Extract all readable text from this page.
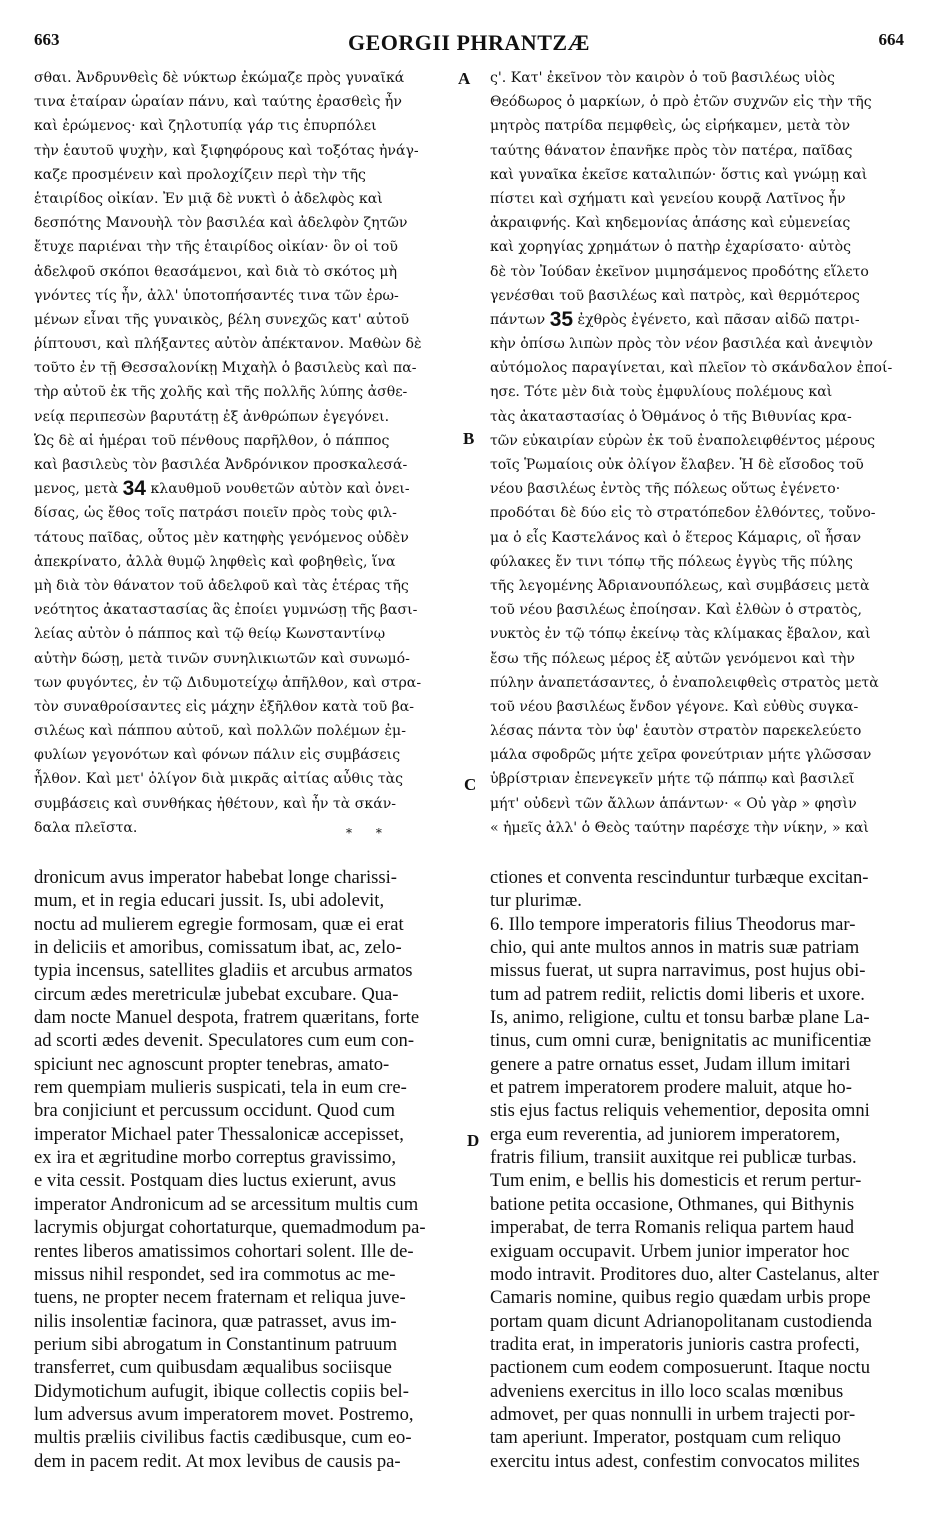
663	GEORGII PHRANTZÆ	664
σθαι. Ἀνδρυνθεὶς δὲ νύκτωρ ἐκώμαζε πρὸς γυναῖκά
τινα ἑταίραν ὡραίαν πάνυ, καὶ ταύτης ἐρασθεὶς ἦν
καὶ ἐρώμενος· καὶ ζηλοτυπίᾳ γάρ τις ἐπυρπόλει
τὴν ἑαυτοῦ ψυχὴν, καὶ ξιφηφόρους καὶ τοξότας ἠνάγ-
καζε προσμένειν καὶ προλοχίζειν περὶ τὴν τῆς
ἑταιρίδος οἰκίαν. Ἐν μιᾷ δὲ νυκτὶ ὁ ἀδελφὸς καὶ
δεσπότης Μανουὴλ τὸν βασιλέα καὶ ἀδελφὸν ζητῶν
ἔτυχε παριέναι τὴν τῆς ἑταιρίδος οἰκίαν· ὃν οἱ τοῦ
ἀδελφοῦ σκόποι θεασάμενοι, καὶ διὰ τὸ σκότος μὴ
γνόντες τίς ἦν, ἀλλ' ὑποτοπήσαντές τινα τῶν ἐρω-
μένων εἶναι τῆς γυναικὸς, βέλη συνεχῶς κατ' αὐτοῦ
ῥίπτουσι, καὶ πλήξαντες αὐτὸν ἀπέκτανον. Μαθὼν δὲ
τοῦτο ἐν τῇ Θεσσαλονίκῃ Μιχαὴλ ὁ βασιλεὺς καὶ πα-
τὴρ αὐτοῦ ἐκ τῆς χολῆς καὶ τῆς πολλῆς λύπης ἀσθε-
νείᾳ περιπεσὼν βαρυτάτῃ ἐξ ἀνθρώπων ἐγεγόνει.
Ὡς δὲ αἱ ἡμέραι τοῦ πένθους παρῆλθον, ὁ πάππος
καὶ βασιλεὺς τὸν βασιλέα Ἀνδρόνικον προσκαλεσά-
μενος, μετὰ 34 κλαυθμοῦ νουθετῶν αὐτὸν καὶ ὀνει-
δίσας, ὡς ἔθος τοῖς πατράσι ποιεῖν πρὸς τοὺς φιλ-
τάτους παῖδας, οὗτος μὲν κατηφὴς γενόμενος οὐδὲν
ἀπεκρίνατο, ἀλλὰ θυμῷ ληφθεὶς καὶ φοβηθεὶς, ἵνα
μὴ διὰ τὸν θάνατον τοῦ ἀδελφοῦ καὶ τὰς ἑτέρας τῆς
νεότητος ἀκαταστασίας ἃς ἐποίει γυμνώσῃ τῆς βασι-
λείας αὐτὸν ὁ πάππος καὶ τῷ θείῳ Κωνσταντίνῳ
αὐτὴν δώσῃ, μετὰ τινῶν συνηλικιωτῶν καὶ συνωμό-
των φυγόντες, ἐν τῷ Διδυμοτείχῳ ἀπῆλθον, καὶ στρα-
τὸν συναθροίσαντες εἰς μάχην ἐξῆλθον κατὰ τοῦ βα-
σιλέως καὶ πάππου αὐτοῦ, καὶ πολλῶν πολέμων ἐμ-
φυλίων γεγονότων καὶ φόνων πάλιν εἰς συμβάσεις
ἦλθον. Καὶ μετ' ὀλίγον διὰ μικρᾶς αἰτίας αὖθις τὰς
συμβάσεις καὶ συνθήκας ἠθέτουν, καὶ ἦν τὰ σκάν-
δαλα πλεῖστα.
ς'. Κατ' ἐκεῖνον τὸν καιρὸν ὁ τοῦ βασιλέως υἱὸς
Θεόδωρος ὁ μαρκίων, ὁ πρὸ ἐτῶν συχνῶν εἰς τὴν τῆς
μητρὸς πατρίδα πεμφθεὶς, ὡς εἰρήκαμεν, μετὰ τὸν
ταύτης θάνατον ἐπανῆκε πρὸς τὸν πατέρα, παῖδας
καὶ γυναῖκα ἐκεῖσε καταλιπών· ὅστις καὶ γνώμῃ καὶ
πίστει καὶ σχήματι καὶ γενείου κουρᾷ Λατῖνος ἦν
ἀκραιφνής. Καὶ κηδεμονίας ἁπάσης καὶ εὐμενείας
καὶ χορηγίας χρημάτων ὁ πατὴρ ἐχαρίσατο· αὐτὸς
δὲ τὸν Ἰούδαν ἐκεῖνον μιμησάμενος προδότης εἵλετο
γενέσθαι τοῦ βασιλέως καὶ πατρὸς, καὶ θερμότερος
πάντων 35 ἐχθρὸς ἐγένετο, καὶ πᾶσαν αἰδῶ πατρι-
κὴν ὀπίσω λιπὼν πρὸς τὸν νέον βασιλέα καὶ ἀνεψιὸν
αὐτόμολος παραγίνεται, καὶ πλεῖον τὸ σκάνδαλον ἐποί-
ησε. Τότε μὲν διὰ τοὺς ἐμφυλίους πολέμους καὶ
τὰς ἀκαταστασίας ὁ Ὀθμάνος ὁ τῆς Βιθυνίας κρα-
τῶν εὐκαιρίαν εὑρὼν ἐκ τοῦ ἐναπολειφθέντος μέρους
τοῖς Ῥωμαίοις οὐκ ὀλίγον ἔλαβεν. Ἡ δὲ εἴσοδος τοῦ
νέου βασιλέως ἐντὸς τῆς πόλεως οὕτως ἐγένετο·
προδόται δὲ δύο εἰς τὸ στρατόπεδον ἐλθόντες, τοὔνο-
μα ὁ εἷς Καστελάνος καὶ ὁ ἕτερος Κάμαρις, οἳ ἦσαν
φύλακες ἔν τινι τόπῳ τῆς πόλεως ἐγγὺς τῆς πύλης
τῆς λεγομένης Ἀδριανουπόλεως, καὶ συμβάσεις μετὰ
τοῦ νέου βασιλέως ἐποίησαν. Καὶ ἐλθὼν ὁ στρατὸς,
νυκτὸς ἐν τῷ τόπῳ ἐκείνῳ τὰς κλίμακας ἔβαλον, καὶ
ἔσω τῆς πόλεως μέρος ἐξ αὐτῶν γενόμενοι καὶ τὴν
πύλην ἀναπετάσαντες, ὁ ἐναπολειφθεὶς στρατὸς μετὰ
τοῦ νέου βασιλέως ἔνδον γέγονε. Καὶ εὐθὺς συγκα-
λέσας πάντα τὸν ὑφ' ἑαυτὸν στρατὸν παρεκελεύετο
μάλα σφοδρῶς μήτε χεῖρα φονεύτριαν μήτε γλῶσσαν
ὑβρίστριαν ἐπενεγκεῖν μήτε τῷ πάππῳ καὶ βασιλεῖ
μήτ' οὐδενὶ τῶν ἄλλων ἁπάντων· « Οὐ γὰρ » φησὶν
« ἡμεῖς ἀλλ' ὁ Θεὸς ταύτην παρέσχε τὴν νίκην, » καὶ
A
B
C
D
* *
dronicum avus imperator habebat longe charissi-
mum, et in regia educari jussit. Is, ubi adolevit,
noctu ad mulierem egregie formosam, quæ ei erat
in deliciis et amoribus, comissatum ibat, ac, zelo-
typia incensus, satellites gladiis et arcubus armatos
circum ædes meretriculæ jubebat excubare. Qua-
dam nocte Manuel despota, fratrem quæritans, forte
ad scorti ædes devenit. Speculatores cum eum con-
spiciunt nec agnoscunt propter tenebras, amato-
rem quempiam mulieris suspicati, tela in eum cre-
bra conjiciunt et percussum occidunt. Quod cum
imperator Michael pater Thessalonicæ accepisset,
ex ira et ægritudine morbo correptus gravissimo,
e vita cessit. Postquam dies luctus exierunt, avus
imperator Andronicum ad se arcessitum multis cum
lacrymis objurgat cohortaturque, quemadmodum pa-
rentes liberos amatissimos cohortari solent. Ille de-
missus nihil respondet, sed ira commotus ac me-
tuens, ne propter necem fraternam et reliqua juve-
nilis insolentiæ facinora, quæ patrasset, avus im-
perium sibi abrogatum in Constantinum patruum
transferret, cum quibusdam æqualibus sociisque
Didymotichum aufugit, ibique collectis copiis bel-
lum adversus avum imperatorem movet. Postremo,
multis præliis civilibus factis cædibusque, cum eo-
dem in pacem redit. At mox levibus de causis pa-
ctiones et conventa rescinduntur turbæque excitan-
tur plurimæ.
6. Illo tempore imperatoris filius Theodorus mar-
chio, qui ante multos annos in matris suæ patriam
missus fuerat, ut supra narravimus, post hujus obi-
tum ad patrem rediit, relictis domi liberis et uxore.
Is, animo, religione, cultu et tonsu barbæ plane La-
tinus, cum omni curæ, benignitatis ac munificentiæ
genere a patre ornatus esset, Judam illum imitari
et patrem imperatorem prodere maluit, atque ho-
stis ejus factus reliquis vehementior, deposita omni
erga eum reverentia, ad juniorem imperatorem,
fratris filium, transiit auxitque rei publicæ turbas.
Tum enim, e bellis his domesticis et rerum pertur-
batione petita occasione, Othmanes, qui Bithynis
imperabat, de terra Romanis reliqua partem haud
exiguam occupavit. Urbem junior imperator hoc
modo intravit. Proditores duo, alter Castelanus, alter
Camaris nomine, quibus regio quædam urbis prope
portam quam dicunt Adrianopolitanam custodienda
tradita erat, in imperatoris junioris castra profecti,
pactionem cum eodem composuerunt. Itaque noctu
adveniens exercitus in illo loco scalas mœnibus
admovet, per quas nonnulli in urbem trajecti por-
tam aperiunt. Imperator, postquam cum reliquo
exercitu intus adest, confestim convocatos milites
